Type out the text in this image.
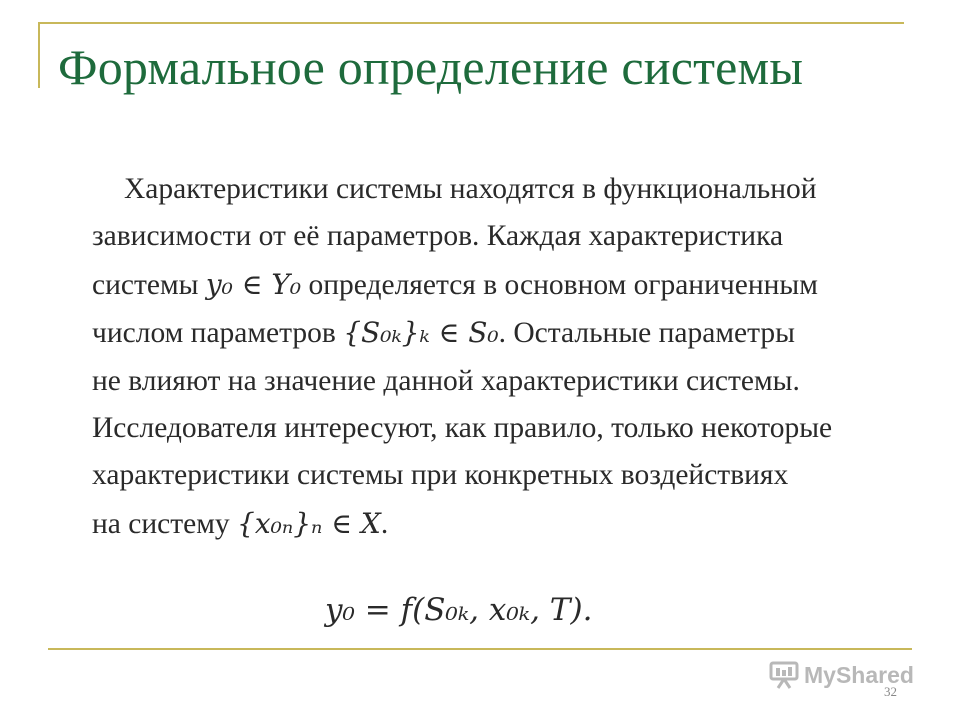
Формальное определение системы
Характеристики системы находятся в функциональной
зависимости от её параметров. Каждая характеристика
системы y₀ ∈ Y₀ определяется в основном ограниченным
числом параметров {S₀ₖ}ₖ ∈ S₀. Остальные параметры
не влияют на значение данной характеристики системы.
Исследователя интересуют, как правило, только некоторые
характеристики системы при конкретных воздействиях
на систему {x₀ₙ}ₙ ∈ X.
y₀ = f(S₀ₖ, x₀ₖ, T).
MyShared
32
